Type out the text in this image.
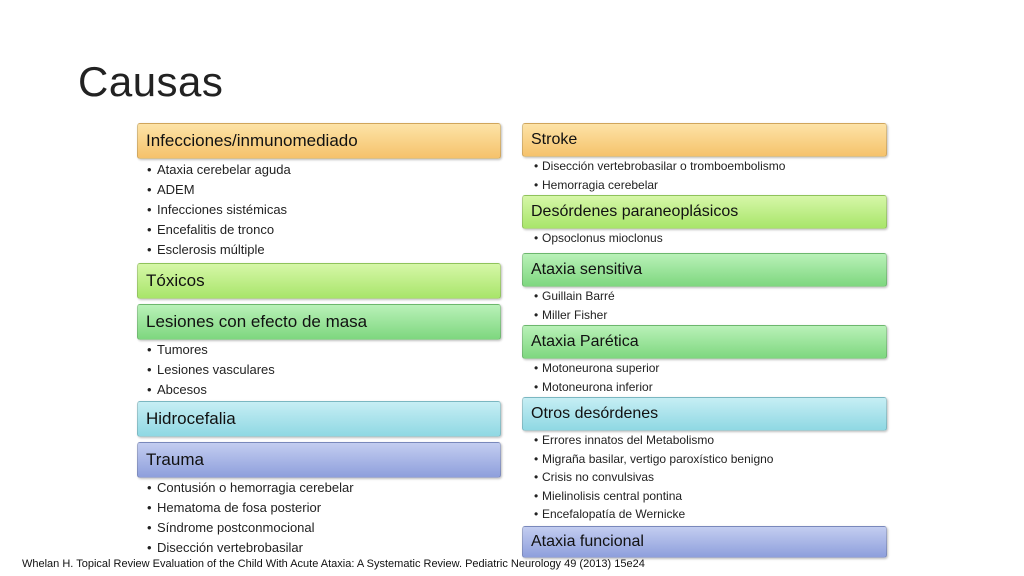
Causas
Infecciones/inmunomediado
• Ataxia cerebelar aguda
• ADEM
• Infecciones sistémicas
• Encefalitis de tronco
• Esclerosis múltiple
Tóxicos
Lesiones con efecto de masa
• Tumores
• Lesiones vasculares
• Abcesos
Hidrocefalia
Trauma
• Contusión o hemorragia cerebelar
• Hematoma de fosa posterior
• Síndrome postconmocional
• Disección vertebrobasilar
Stroke
• Disección vertebrobasilar o tromboembolismo
• Hemorragia cerebelar
Desórdenes paraneoplásicos
• Opsoclonus mioclonus
Ataxia sensitiva
• Guillain Barré
• Miller Fisher
Ataxia Parética
• Motoneurona superior
• Motoneurona inferior
Otros desórdenes
• Errores innatos del Metabolismo
• Migraña basilar, vertigo paroxístico benigno
• Crisis no convulsivas
• Mielinolisis central pontina
• Encefalopatía de Wernicke
Ataxia funcional
Whelan H. Topical Review Evaluation of the Child With Acute Ataxia: A Systematic Review. Pediatric Neurology 49 (2013) 15e24
